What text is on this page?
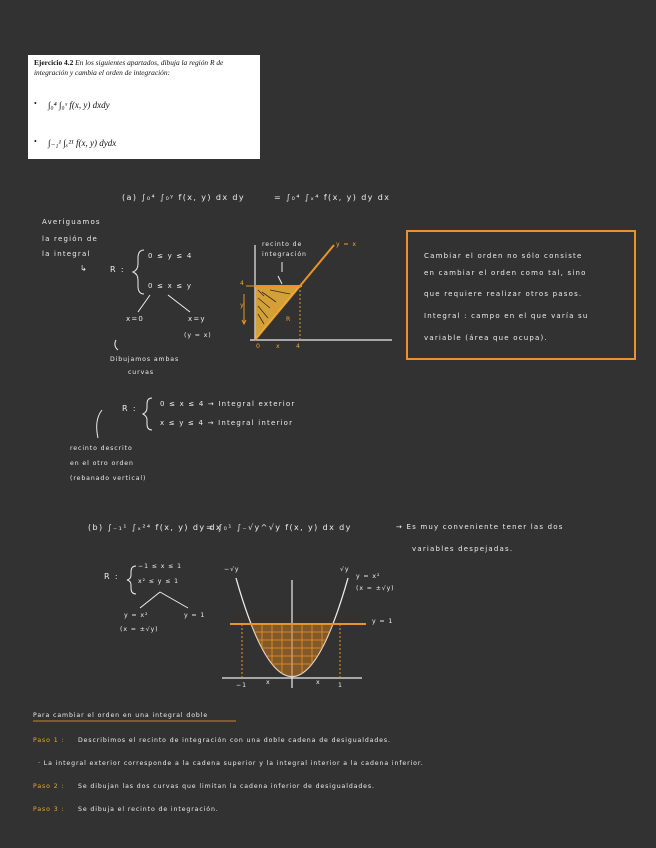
Ejercicio 4.2 En los siguientes apartados, dibuja la región R de integración y cambia el orden de integración:
• ∫₀⁴ ∫₀ˣ f(x, y) dxdy
• ∫₋₁¹ ∫ₓ²¹ f(x, y) dydx
(a) ∫₀⁴ ∫₀ʸ f(x, y) dx dy	= ∫₀⁴ ∫ₓ⁴ f(x, y) dy dx
Averiguamos
la región de
la integral
↳	R :
0 ≤ y ≤ 4
0 ≤ x ≤ y
x=0	x=y
(y = x)
Dibujamos ambas
curvas
recinto de
integración
y = x
4
y
4
x
R
0
Cambiar el orden no sólo consiste
en cambiar el orden como tal, sino
que requiere realizar otros pasos.
Integral : campo en el que varía su
variable (área que ocupa).
R :	0 ≤ x ≤ 4 → Integral exterior
x ≤ y ≤ 4 → Integral interior
recinto descrito
en el otro orden
(rebanado vertical)
(b) ∫₋₁¹ ∫ₓ²⁴ f(x, y) dy dx
= ∫₀¹ ∫₋√y^√y f(x, y) dx dy	→ Es muy conveniente tener las dos
variables despejadas.
R :
−1 ≤ x ≤ 1
x² ≤ y ≤ 1
y = x²
(x = ±√y)
y = 1
−√y	√y
y = x²
(x = ±√y)
y = 1
−1	x	x	1
Para cambiar el orden en una integral doble
Paso 1 : Describimos el recinto de integración con una doble cadena de desigualdades.
· La integral exterior corresponde a la cadena superior y la integral interior a la cadena inferior.
Paso 2 : Se dibujan las dos curvas que limitan la cadena inferior de desigualdades.
Paso 3 : Se dibuja el recinto de integración.
